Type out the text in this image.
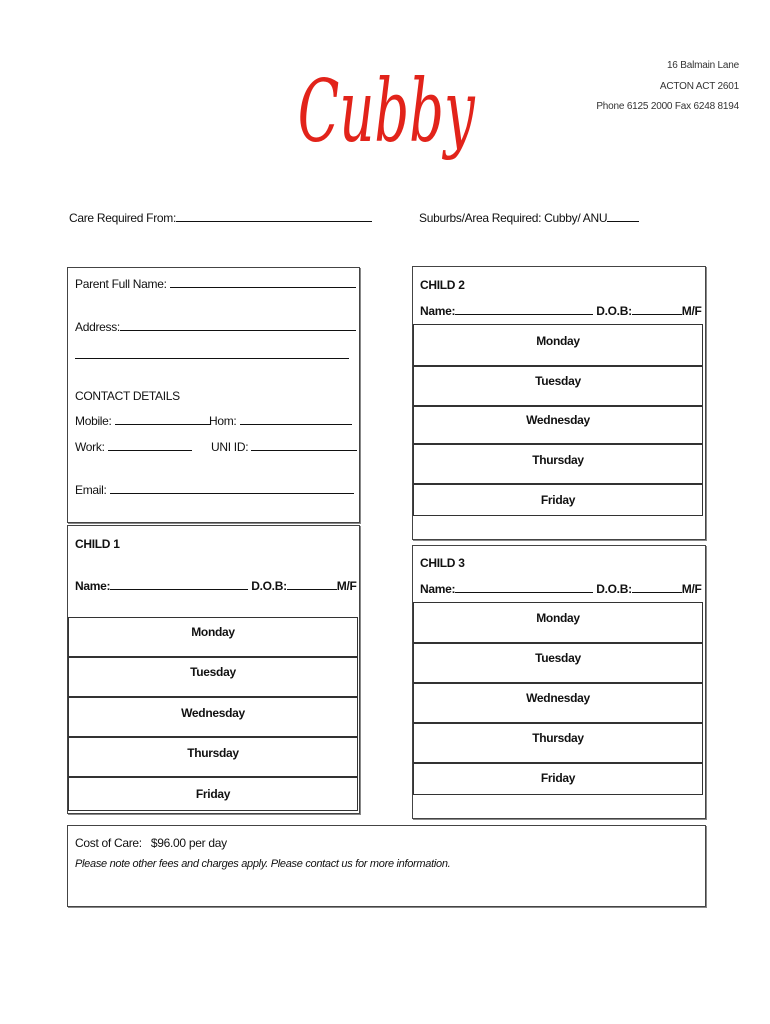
Cubby	16 Balmain Lane
ACTON ACT 2601
Phone 6125 2000 Fax 6248 8194
Care Required From:	Suburbs/Area Required: Cubby/ ANU
Parent Full Name:
Address:
CONTACT DETAILS
Mobile:	Hom:
Work:	UNI ID:
Email:
CHILD 1
Name:	D.O.B:	M/F
Monday
Tuesday
Wednesday
Thursday
Friday
CHILD 2
Name:	D.O.B:	M/F
Monday
Tuesday
Wednesday
Thursday
Friday
CHILD 3
Name:	D.O.B:	M/F
Monday
Tuesday
Wednesday
Thursday
Friday
Cost of Care: $96.00 per day
Please note other fees and charges apply. Please contact us for more information.
